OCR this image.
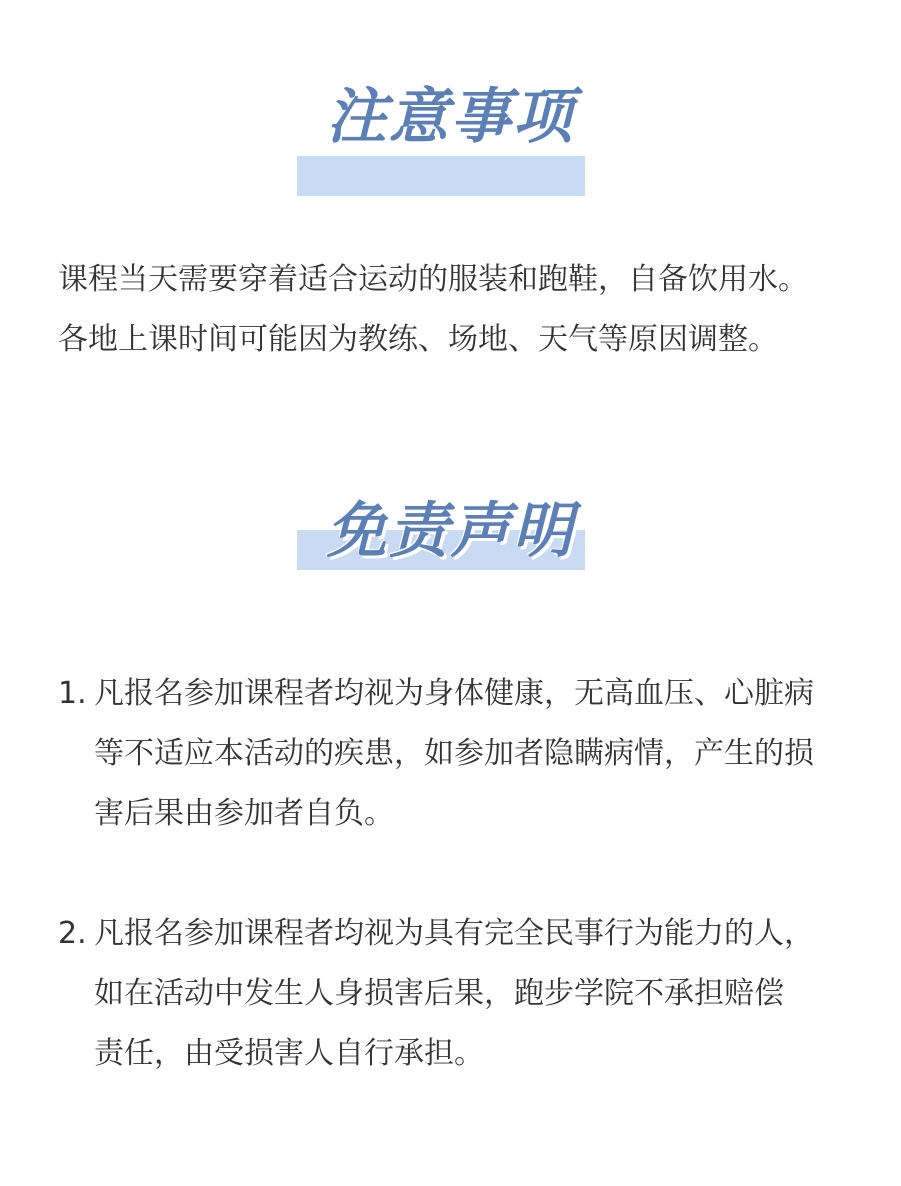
注意事项
课程当天需要穿着适合运动的服装和跑鞋，自备饮用水。
各地上课时间可能因为教练、场地、天气等原因调整。
免责声明
1. 凡报名参加课程者均视为身体健康，无高血压、心脏病
等不适应本活动的疾患，如参加者隐瞒病情，产生的损
害后果由参加者自负。
2. 凡报名参加课程者均视为具有完全民事行为能力的人，
如在活动中发生人身损害后果，跑步学院不承担赔偿
责任，由受损害人自行承担。
